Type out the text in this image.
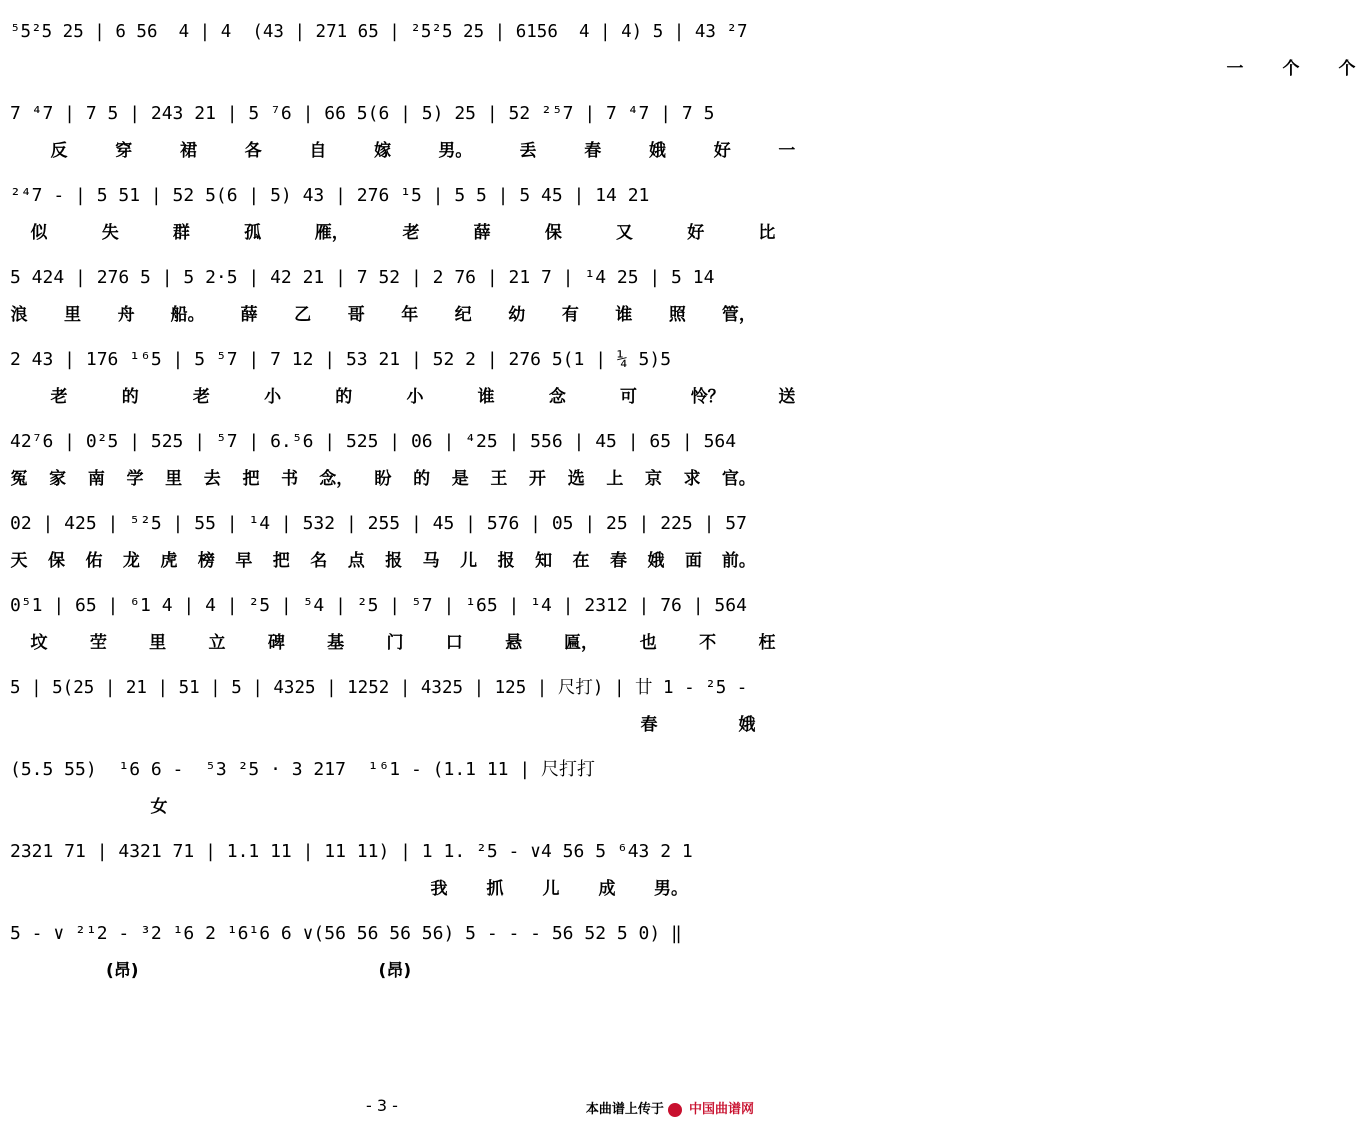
⁵5²5 25 | 6 56  4 | 4  (43 | 271 65 | ²5²5 25 | 6156  4 | 4) 5 | 43 ²7
一 个 个
7 ⁴7 | 7 5 | 243 21 | 5 ⁷6 | 66 5(6 | 5) 25 | 52 ²⁵7 | 7 ⁴7 | 7 5
反	穿	裙	各	自	嫁	男。	丢	春	娥	好	一
²⁴7 - | 5 51 | 52 5(6 | 5) 43 | 276 ¹5 | 5 5 | 5 45 | 14 21
似	失	群	孤	雁，	老	薛	保	又	好	比
5 424 | 276 5 | 5 2·5 | 42 21 | 7 52 | 2 76 | 21 7 | ¹4 25 | 5 14
浪 里 舟 船。 薛 乙 哥 年 纪 幼 有 谁 照 管，
2 43 | 176 ¹⁶5 | 5 ⁵7 | 7 12 | 53 21 | 52 2 | 276 5(1 | ¼ 5)5
老	的	老	小	的	小	谁	念	可	怜？	送
42⁷6 | 0²5 | 525 | ⁵7 | 6.⁵6 | 525 | 06 | ⁴25 | 556 | 45 | 65 | 564
冤 家 南 学 里 去 把 书 念， 盼 的 是 王 开 选 上 京 求 官。
02 | 425 | ⁵²5 | 55 | ¹4 | 532 | 255 | 45 | 576 | 05 | 25 | 225 | 57
天 保 佑 龙 虎 榜 早 把 名 点 报 马 儿 报 知 在 春 娥 面 前。
0⁵1 | 65 | ⁶1 4 | 4 | ²5 | ⁵4 | ²5 | ⁵7 | ¹65 | ¹4 | 2312 | 76 | 564
坟 茔 里 立 碑 基 门 口 悬 匾， 也 不 枉
5 | 5(25 | 21 | 51 | 5 | 4325 | 1252 | 4325 | 125 | 尺打) | 廿 1 - ²5 -
春	娥
(5.5 55)  ¹6 6 -  ⁵3 ²5 · 3 217  ¹⁶1 - (1.1 11 | 尺打打
女
2321 71 | 4321 71 | 1.1 11 | 11 11) | 1 1. ²5 - ∨4 56 5 ⁶43 2 1
我 抓 儿 成 男。
5 - ∨ ²¹2 - ³2 ¹6 2 ¹6¹6 6 ∨(56 56 56 56) 5 - - - 56 52 5 0) ‖
(昂)	(昂)
- 3 -	本曲谱上传于 中国曲谱网
